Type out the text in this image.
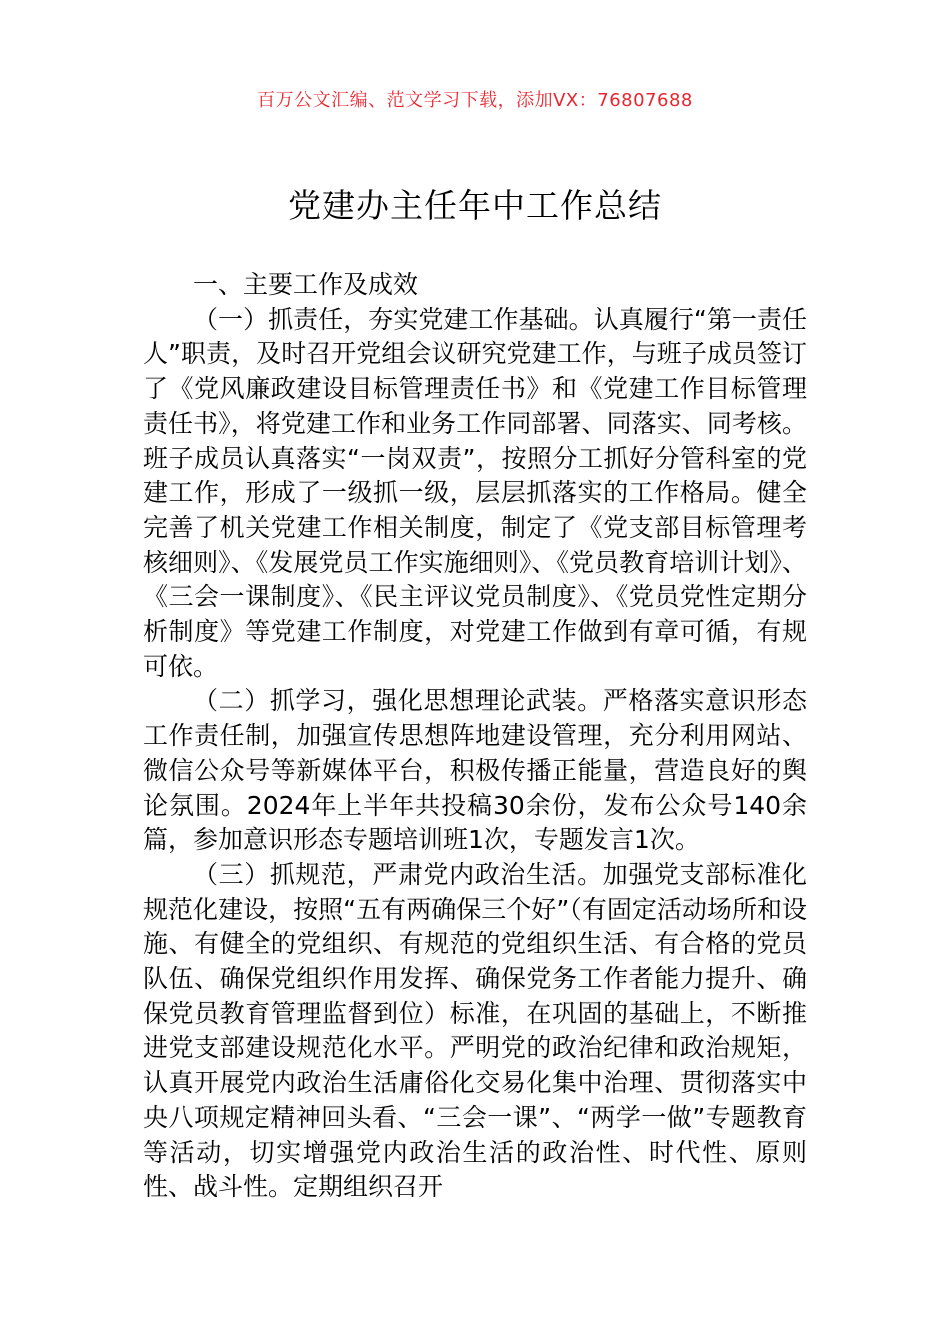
百万公文汇编、范文学习下载，添加VX：76807688
党建办主任年中工作总结
一、主要工作及成效

（一）抓责任，夯实党建工作基础。认真履行“第一责任人”职责，及时召开党组会议研究党建工作，与班子成员签订了《党风廉政建设目标管理责任书》和《党建工作目标管理责任书》，将党建工作和业务工作同部署、同落实、同考核。班子成员认真落实“一岗双责”，按照分工抓好分管科室的党建工作，形成了一级抓一级，层层抓落实的工作格局。健全完善了机关党建工作相关制度，制定了《党支部目标管理考核细则》、《发展党员工作实施细则》、《党员教育培训计划》、《三会一课制度》、《民主评议党员制度》、《党员党性定期分析制度》等党建工作制度，对党建工作做到有章可循，有规可依。

（二）抓学习，强化思想理论武装。严格落实意识形态工作责任制，加强宣传思想阵地建设管理，充分利用网站、微信公众号等新媒体平台，积极传播正能量，营造良好的舆论氛围。2024年上半年共投稿30余份，发布公众号140余篇，参加意识形态专题培训班1次，专题发言1次。

（三）抓规范，严肃党内政治生活。加强党支部标准化规范化建设，按照“五有两确保三个好”（有固定活动场所和设施、有健全的党组织、有规范的党组织生活、有合格的党员队伍、确保党组织作用发挥、确保党务工作者能力提升、确保党员教育管理监督到位）标准，在巩固的基础上，不断推进党支部建设规范化水平。严明党的政治纪律和政治规矩，认真开展党内政治生活庸俗化交易化集中治理、贯彻落实中央八项规定精神回头看、“三会一课”、“两学一做”专题教育等活动，切实增强党内政治生活的政治性、时代性、原则性、战斗性。定期组织召开
